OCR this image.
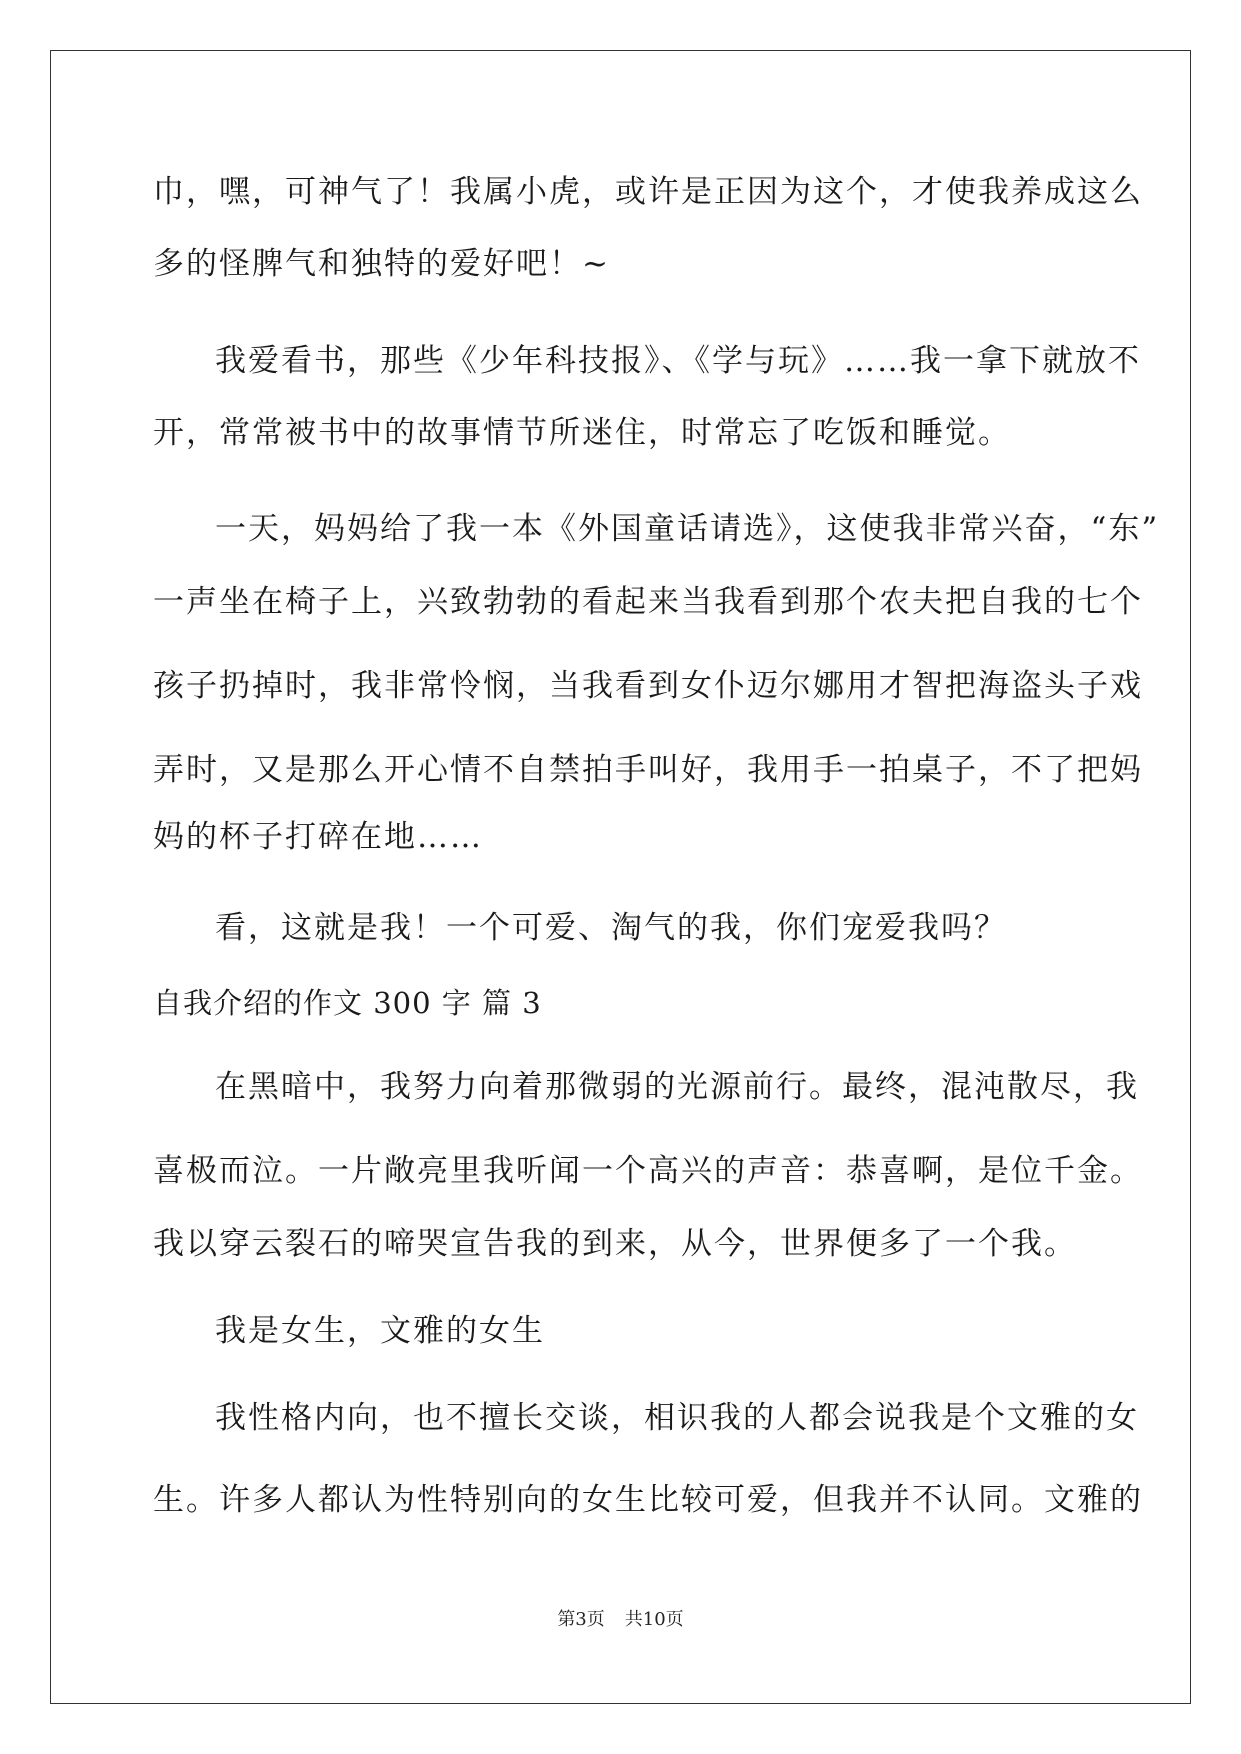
巾，嘿，可神气了！我属小虎，或许是正因为这个，才使我养成这么
多的怪脾气和独特的爱好吧！~
我爱看书，那些《少年科技报》、《学与玩》……我一拿下就放不
开，常常被书中的故事情节所迷住，时常忘了吃饭和睡觉。
一天，妈妈给了我一本《外国童话请选》，这使我非常兴奋，“东”
一声坐在椅子上，兴致勃勃的看起来当我看到那个农夫把自我的七个
孩子扔掉时，我非常怜悯，当我看到女仆迈尔娜用才智把海盗头子戏
弄时，又是那么开心情不自禁拍手叫好，我用手一拍桌子，不了把妈
妈的杯子打碎在地……
看，这就是我！一个可爱、淘气的我，你们宠爱我吗？
自我介绍的作文 300 字 篇 3
在黑暗中，我努力向着那微弱的光源前行。最终，混沌散尽，我
喜极而泣。一片敞亮里我听闻一个高兴的声音：恭喜啊，是位千金。
我以穿云裂石的啼哭宣告我的到来，从今，世界便多了一个我。
我是女生，文雅的女生
我性格内向，也不擅长交谈，相识我的人都会说我是个文雅的女
生。许多人都认为性特别向的女生比较可爱，但我并不认同。文雅的
第3页 共10页
